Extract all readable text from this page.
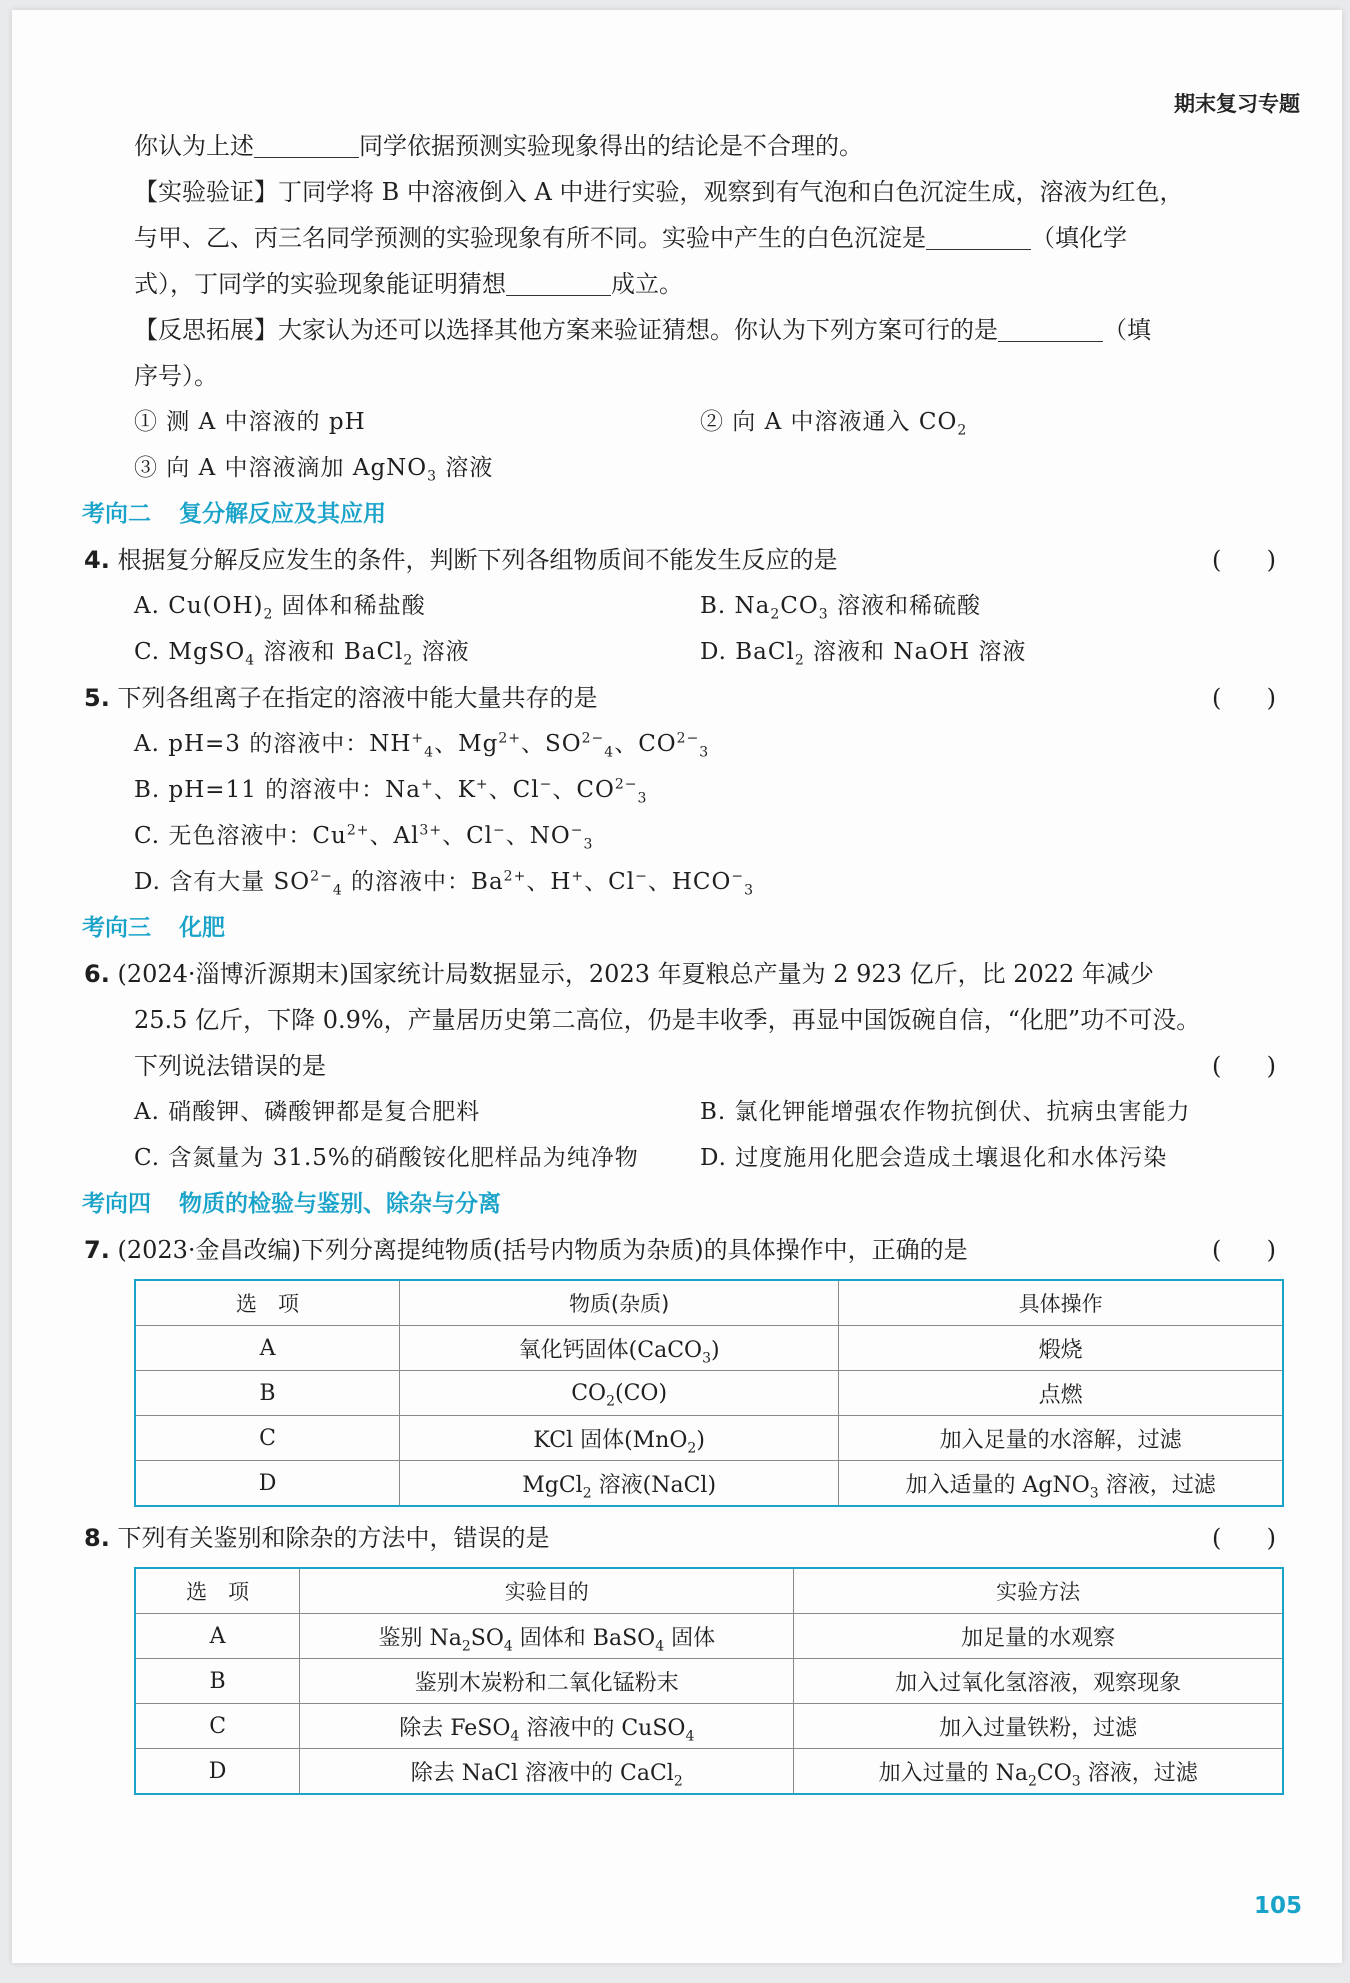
期末复习专题
你认为上述	同学依据预测实验现象得出的结论是不合理的。
【实验验证】丁同学将 B 中溶液倒入 A 中进行实验，观察到有气泡和白色沉淀生成，溶液为红色，
与甲、乙、丙三名同学预测的实验现象有所不同。实验中产生的白色沉淀是	（填化学
式），丁同学的实验现象能证明猜想	成立。
【反思拓展】大家认为还可以选择其他方案来验证猜想。你认为下列方案可行的是	（填
序号）。
① 测 A 中溶液的 pH	② 向 A 中溶液通入 $CO_2$
③ 向 A 中溶液滴加 AgNO$_3$ 溶液
考向二 复分解反应及其应用
4. 根据复分解反应发生的条件，判断下列各组物质间不能发生反应的是	( )
A. $Cu(OH)_2$ 固体和稀盐酸	B. $Na_2CO_3$ 溶液和稀硫酸
C. MgSO$_4$ 溶液和 BaCl$_2$ 溶液	D. BaCl$_2$ 溶液和 NaOH 溶液
5. 下列各组离子在指定的溶液中能大量共存的是	( )
A. pH=3 的溶液中：$NH^+_4$、$Mg^{2+}$、$SO^{2-}_4$、$CO^{2-}_3$
B. pH=11 的溶液中：Na+、K+、Cl−、$CO^{2-}_3$
C. 无色溶液中：$Cu^{2+}$、$Al^{3+}$、Cl−、$NO^-_3$
D. 含有大量 $SO^{2-}_4$ 的溶液中：$Ba^{2+}$、H+、Cl−、$HCO^-_3$
考向三 化肥
6. (2024·淄博沂源期末)国家统计局数据显示，2023 年夏粮总产量为 2 923 亿斤，比 2022 年减少
25.5 亿斤，下降 0.9%，产量居历史第二高位，仍是丰收季，再显中国饭碗自信，“化肥”功不可没。
下列说法错误的是	( )
A. 硝酸钾、磷酸钾都是复合肥料	B. 氯化钾能增强农作物抗倒伏、抗病虫害能力
C. 含氮量为 31.5%的硝酸铵化肥样品为纯净物	D. 过度施用化肥会造成土壤退化和水体污染
考向四 物质的检验与鉴别、除杂与分离
7. (2023·金昌改编)下列分离提纯物质(括号内物质为杂质)的具体操作中，正确的是	( )
选　项	物质(杂质)	具体操作
A	氧化钙固体(CaCO$_3$)	煅烧
B	$CO_2(CO)$	点燃
C	KCl 固体(MnO$_2$)	加入足量的水溶解，过滤
D	MgCl$_2$ 溶液(NaCl)	加入适量的 AgNO$_3$ 溶液，过滤
8. 下列有关鉴别和除杂的方法中，错误的是	( )
选　项	实验目的	实验方法
A	鉴别 $Na_2SO_4$ 固体和 BaSO$_4$ 固体	加足量的水观察
B	鉴别木炭粉和二氧化锰粉末	加入过氧化氢溶液，观察现象
C	除去 FeSO$_4$ 溶液中的 CuSO$_4$	加入过量铁粉，过滤
D	除去 NaCl 溶液中的 CaCl$_2$	加入过量的 $Na_2CO_3$ 溶液，过滤
105
